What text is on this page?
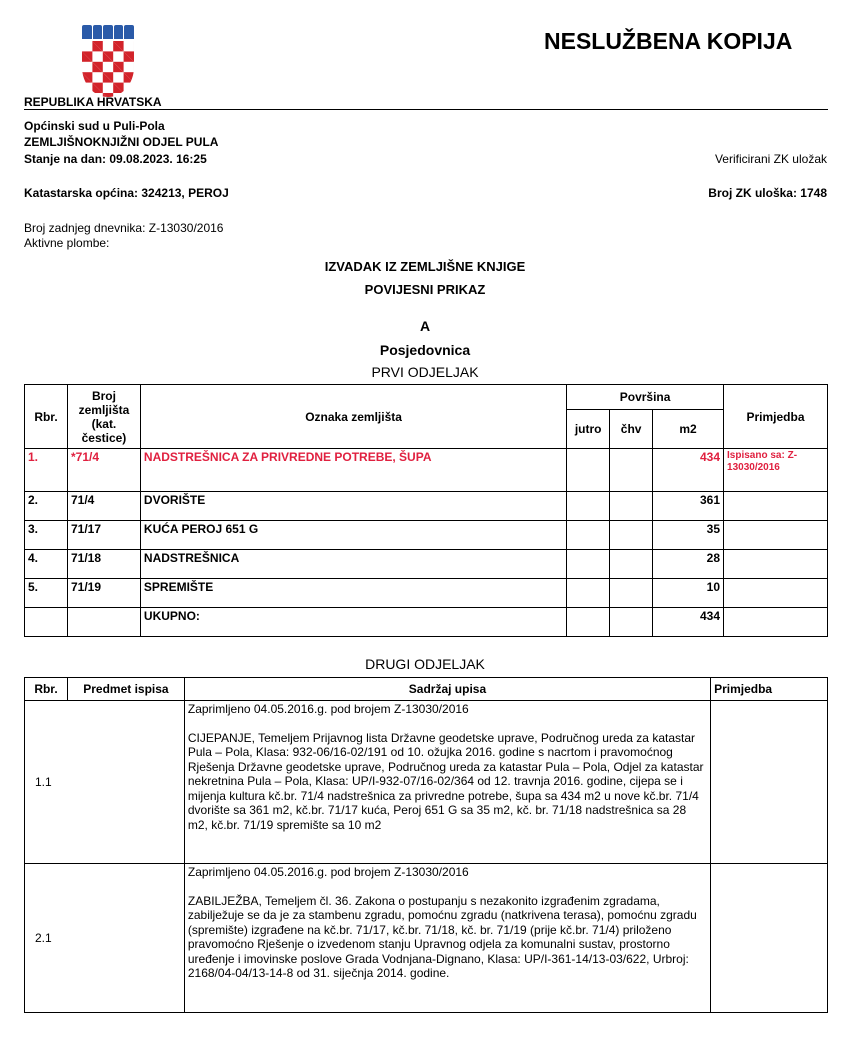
NESLUŽBENA KOPIJA
REPUBLIKA HRVATSKA
Općinski sud u Puli-Pola
ZEMLJIŠNOKNJIŽNI ODJEL PULA
Stanje na dan: 09.08.2023. 16:25	Verificirani ZK uložak
Katastarska općina: 324213, PEROJ	Broj ZK uloška: 1748
Broj zadnjeg dnevnika: Z-13030/2016
Aktivne plombe:
IZVADAK IZ ZEMLJIŠNE KNJIGE
POVIJESNI PRIKAZ
A
Posjedovnica
PRVI ODJELJAK
Rbr.	Broj zemljišta (kat. čestice)	Oznaka zemljišta	Površina			Primjedba
			jutro	čhv	m2	
1.	*71/4	NADSTREŠNICA ZA PRIVREDNE POTREBE, ŠUPA			434	Ispisano sa: Z-13030/2016
2.	71/4	DVORIŠTE			361	
3.	71/17	KUĆA PEROJ 651 G			35	
4.	71/18	NADSTREŠNICA			28	
5.	71/19	SPREMIŠTE			10	
		UKUPNO:			434	
DRUGI ODJELJAK
Rbr.	Predmet ispisa	Sadržaj upisa	Primjedba
1.1		Zaprimljeno 04.05.2016.g. pod brojem Z-13030/2016
CIJEPANJE, Temeljem Prijavnog lista Državne geodetske uprave, Područnog ureda za katastar Pula – Pola, Klasa: 932-06/16-02/191 od 10. ožujka 2016. godine s nacrtom i pravomoćnog Rješenja Državne geodetske uprave, Područnog ureda za katastar Pula – Pola, Odjel za katastar nekretnina Pula – Pola, Klasa: UP/I-932-07/16-02/364 od 12. travnja 2016. godine, cijepa se i mijenja kultura kč.br. 71/4 nadstrešnica za privredne potrebe, šupa sa 434 m2 u nove kč.br. 71/4 dvorište sa 361 m2, kč.br. 71/17 kuća, Peroj 651 G sa 35 m2, kč. br. 71/18 nadstrešnica sa 28 m2, kč.br. 71/19 spremište sa 10 m2	

2.1		Zaprimljeno 04.05.2016.g. pod brojem Z-13030/2016
ZABILJEŽBA, Temeljem čl. 36. Zakona o postupanju s nezakonito izgrađenim zgradama, zabilježuje se da je za stambenu zgradu, pomoćnu zgradu (natkrivena terasa), pomoćnu zgradu (spremište) izgrađene na kč.br. 71/17, kč.br. 71/18, kč. br. 71/19 (prije kč.br. 71/4) priloženo pravomoćno Rješenje o izvedenom stanju Upravnog odjela za komunalni sustav, prostorno uređenje i imovinske poslove Grada Vodnjana-Dignano, Klasa: UP/I-361-14/13-03/622, Urbroj: 2168/04-04/13-14-8 od 31. siječnja 2014. godine.	
